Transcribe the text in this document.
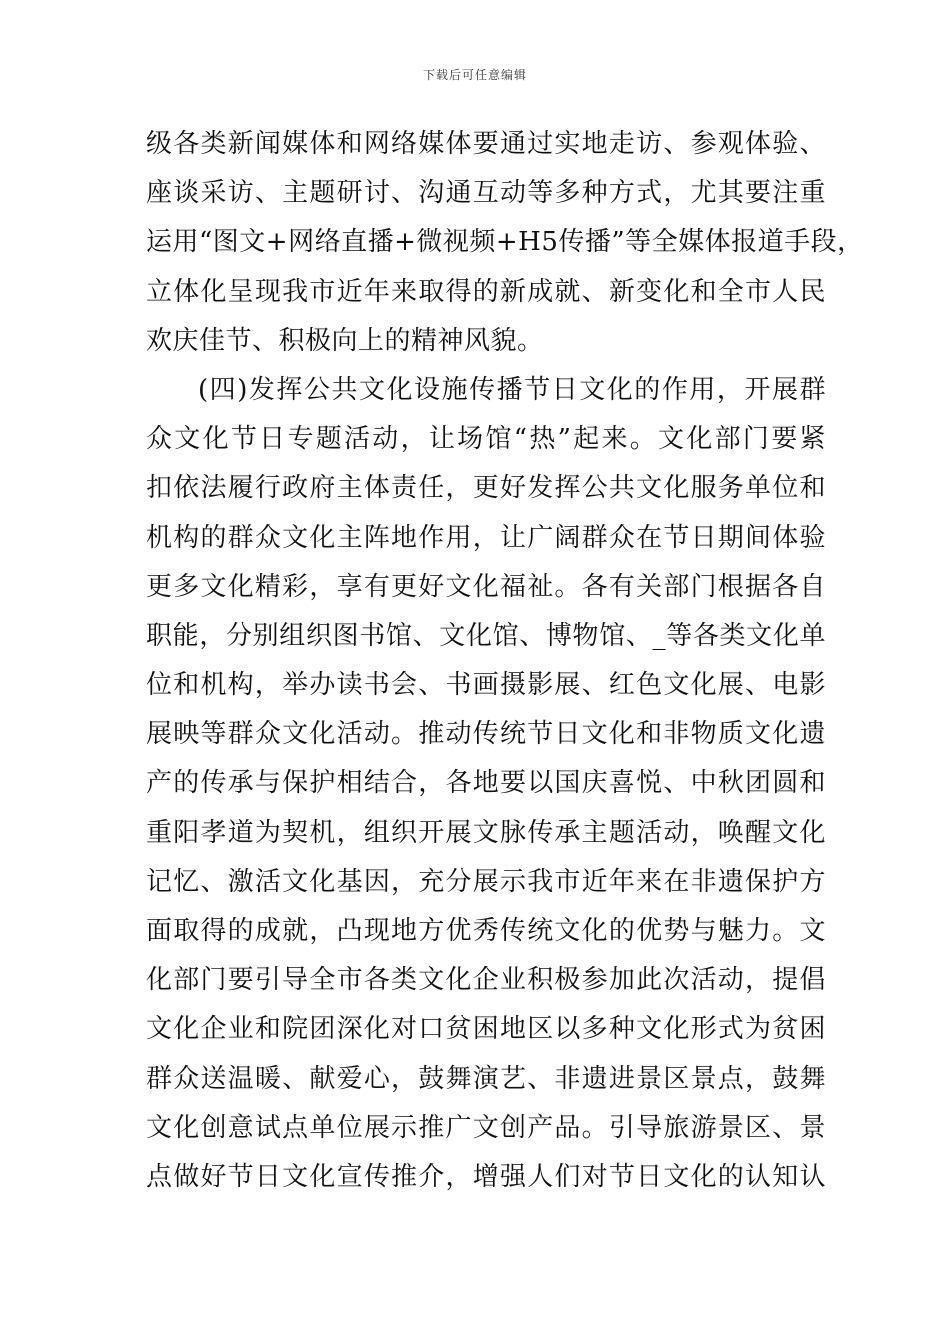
下载后可任意编辑
级各类新闻媒体和网络媒体要通过实地走访、参观体验、
座谈采访、主题研讨、沟通互动等多种方式，尤其要注重
运用“图文+网络直播+微视频+H5传播”等全媒体报道手段，
立体化呈现我市近年来取得的新成就、新变化和全市人民
欢庆佳节、积极向上的精神风貌。
(四)发挥公共文化设施传播节日文化的作用，开展群
众文化节日专题活动，让场馆“热”起来。文化部门要紧
扣依法履行政府主体责任，更好发挥公共文化服务单位和
机构的群众文化主阵地作用，让广阔群众在节日期间体验
更多文化精彩，享有更好文化福祉。各有关部门根据各自
职能，分别组织图书馆、文化馆、博物馆、_等各类文化单
位和机构，举办读书会、书画摄影展、红色文化展、电影
展映等群众文化活动。推动传统节日文化和非物质文化遗
产的传承与保护相结合，各地要以国庆喜悦、中秋团圆和
重阳孝道为契机，组织开展文脉传承主题活动，唤醒文化
记忆、激活文化基因，充分展示我市近年来在非遗保护方
面取得的成就，凸现地方优秀传统文化的优势与魅力。文
化部门要引导全市各类文化企业积极参加此次活动，提倡
文化企业和院团深化对口贫困地区以多种文化形式为贫困
群众送温暖、献爱心，鼓舞演艺、非遗进景区景点，鼓舞
文化创意试点单位展示推广文创产品。引导旅游景区、景
点做好节日文化宣传推介，增强人们对节日文化的认知认
